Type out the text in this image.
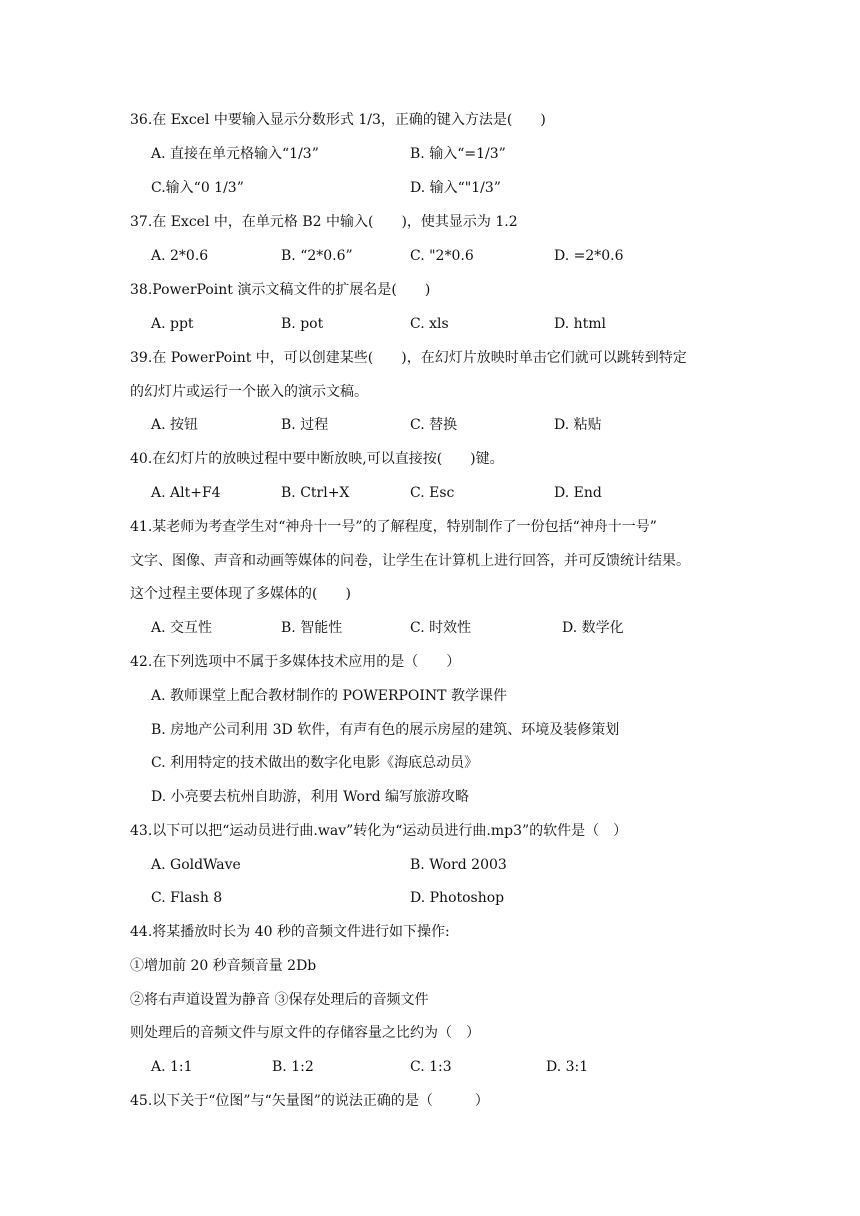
36.在 Excel 中要输入显示分数形式 1/3，正确的键入方法是(　　)
A. 直接在单元格输入“1/3”	B. 输入“=1/3”
C.输入“0 1/3”	D. 输入“"1/3”
37.在 Excel 中，在单元格 B2 中输入(　　)，使其显示为 1.2
A. 2*0.6	B. “2*0.6”	C. "2*0.6	D. =2*0.6
38.PowerPoint 演示文稿文件的扩展名是(　　)
A. ppt	B. pot	C. xls	D. html
39.在 PowerPoint 中，可以创建某些(　　)，在幻灯片放映时单击它们就可以跳转到特定
的幻灯片或运行一个嵌入的演示文稿。
A. 按钮	B. 过程	C. 替换	D. 粘贴
40.在幻灯片的放映过程中要中断放映,可以直接按(　　)键。
A. Alt+F4	B. Ctrl+X	C. Esc	D. End
41.某老师为考查学生对“神舟十一号”的了解程度，特别制作了一份包括“神舟十一号”
文字、图像、声音和动画等媒体的问卷，让学生在计算机上进行回答，并可反馈统计结果。
这个过程主要体现了多媒体的(　　)
A. 交互性	B. 智能性	C. 时效性	D. 数学化
42.在下列选项中不属于多媒体技术应用的是（　　）
A. 教师课堂上配合教材制作的 POWERPOINT 教学课件
B. 房地产公司利用 3D 软件，有声有色的展示房屋的建筑、环境及装修策划
C. 利用特定的技术做出的数字化电影《海底总动员》
D. 小亮要去杭州自助游，利用 Word 编写旅游攻略
43.以下可以把“运动员进行曲.wav”转化为“运动员进行曲.mp3”的软件是（　）
A. GoldWave	B. Word 2003
C. Flash 8	D. Photoshop
44.将某播放时长为 40 秒的音频文件进行如下操作:
①增加前 20 秒音频音量 2Db
②将右声道设置为静音 ③保存处理后的音频文件
则处理后的音频文件与原文件的存储容量之比约为（　）
A. 1:1	B. 1:2	C. 1:3	D. 3:1
45.以下关于“位图”与“矢量图”的说法正确的是（　　　）
